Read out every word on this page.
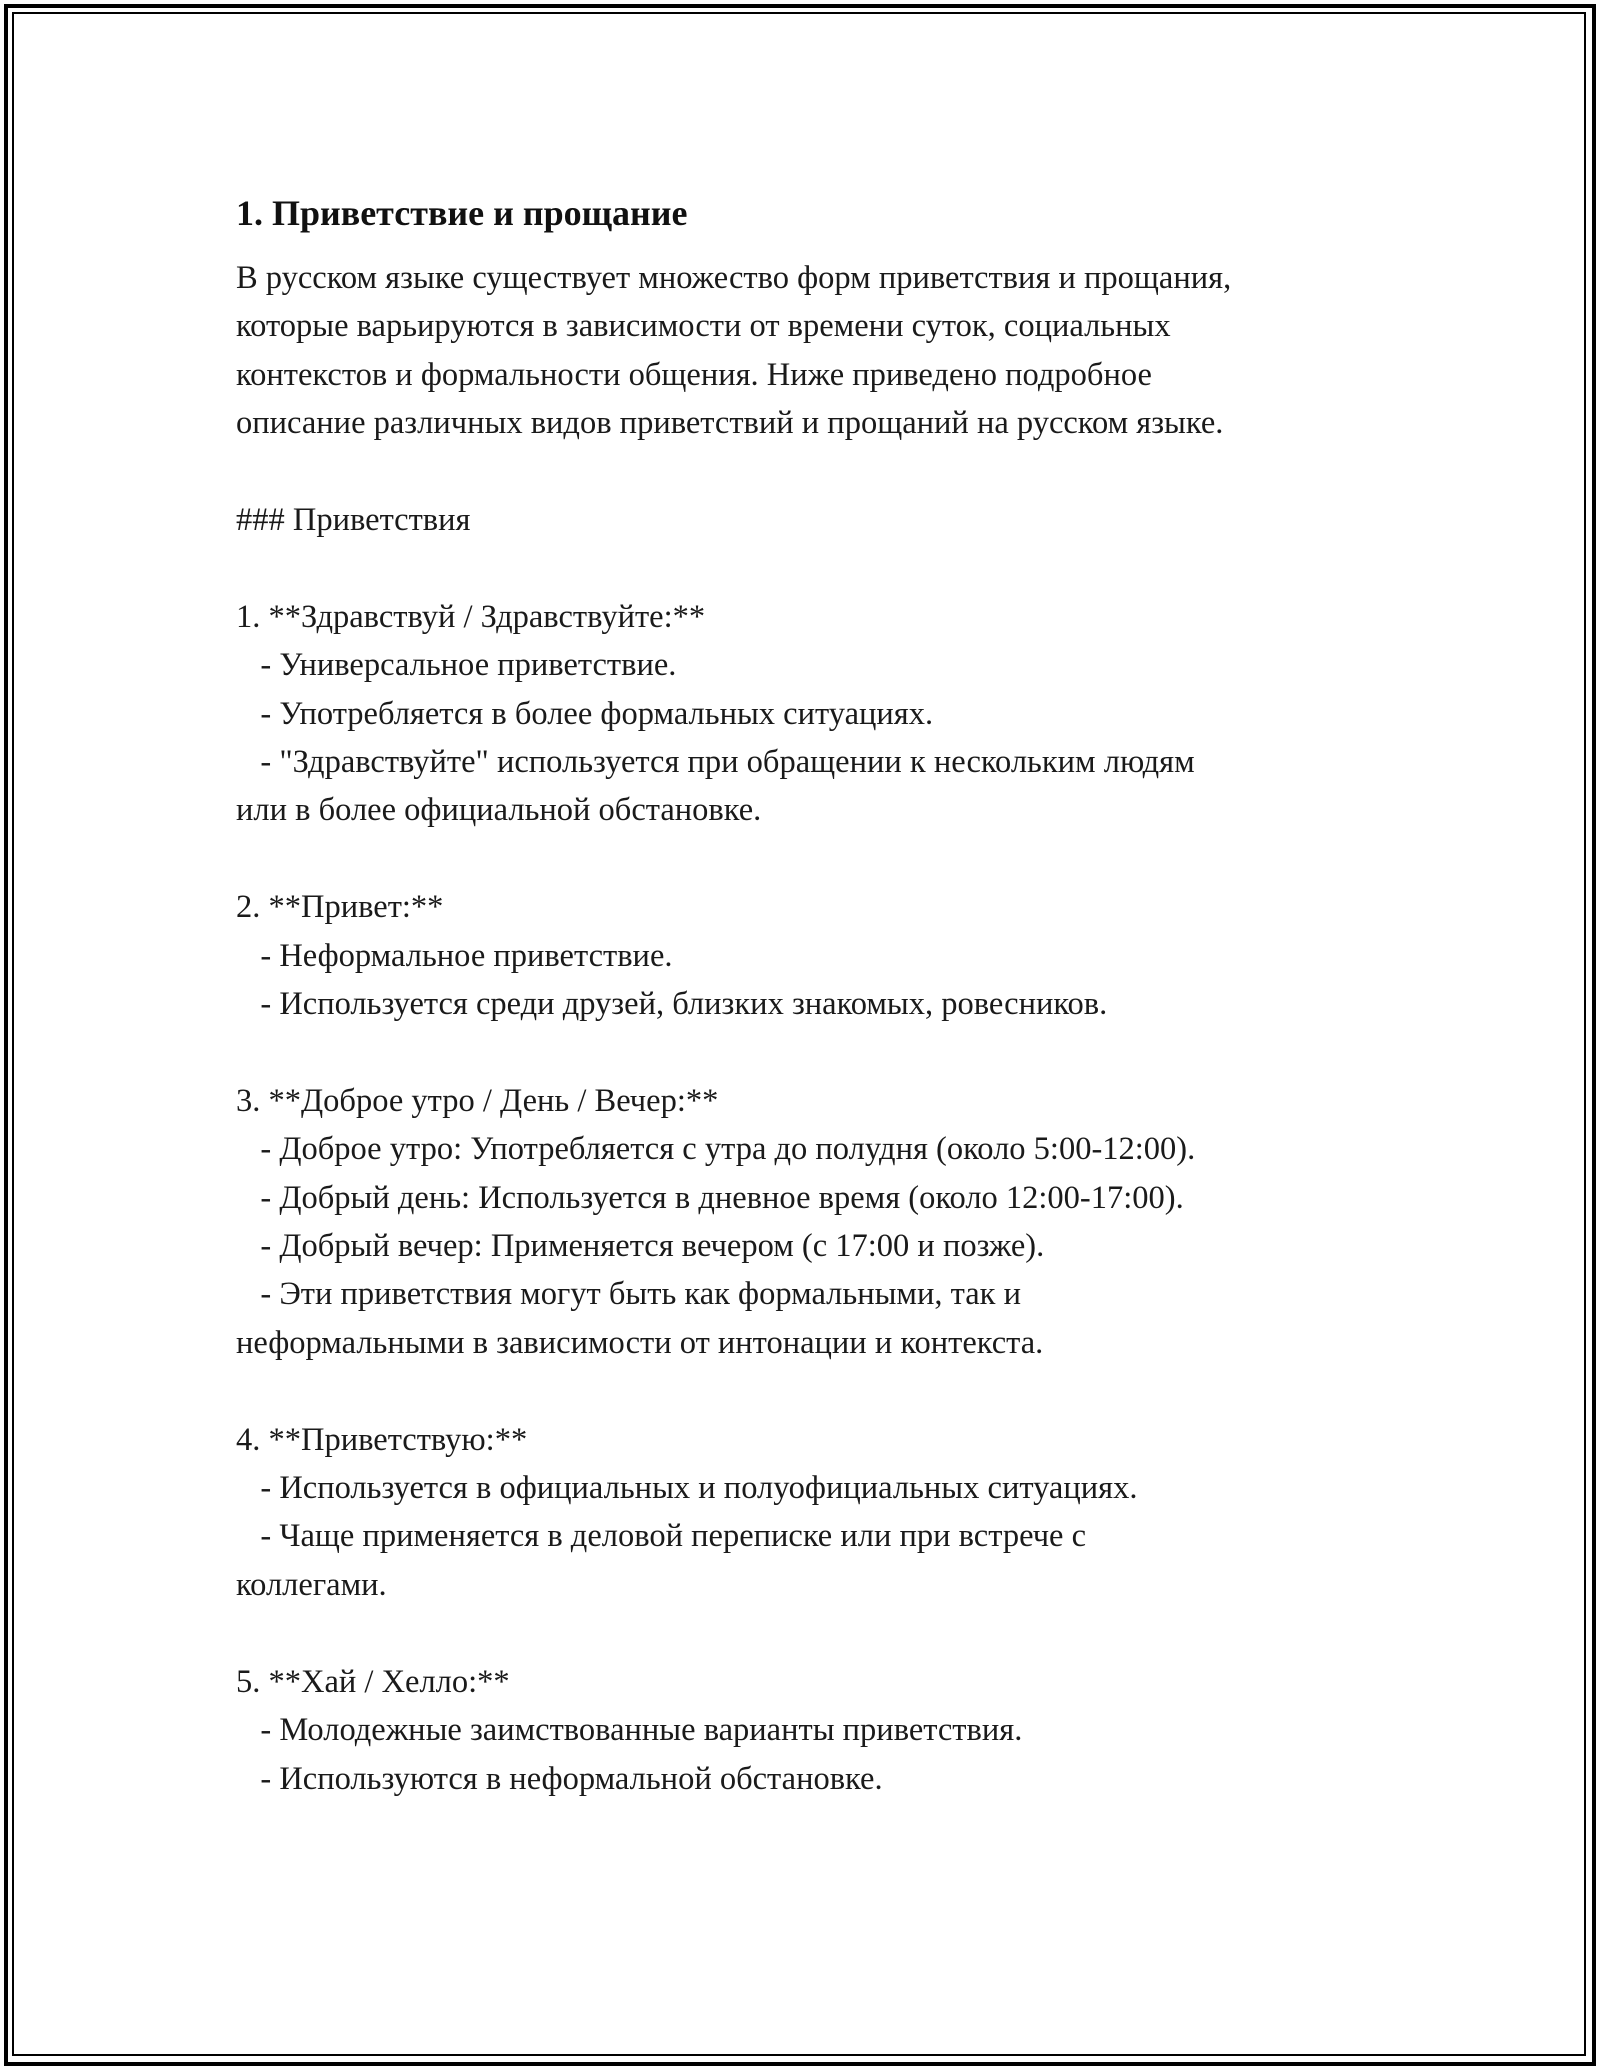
1. Приветствие и прощание

В русском языке существует множество форм приветствия и прощания,
которые варьируются в зависимости от времени суток, социальных
контекстов и формальности общения. Ниже приведено подробное
описание различных видов приветствий и прощаний на русском языке.

### Приветствия

1. **Здравствуй / Здравствуйте:**

- Универсальное приветствие.

- Употребляется в более формальных ситуациях.

- "Здравствуйте" используется при обращении к нескольким людям

или в более официальной обстановке.

2. **Привет:**

- Неформальное приветствие.

- Используется среди друзей, близких знакомых, ровесников.

3. **Доброе утро / День / Вечер:**

- Доброе утро: Употребляется с утра до полудня (около 5:00-12:00).

- Добрый день: Используется в дневное время (около 12:00-17:00).

- Добрый вечер: Применяется вечером (с 17:00 и позже).

- Эти приветствия могут быть как формальными, так и

неформальными в зависимости от интонации и контекста.

4. **Приветствую:**

- Используется в официальных и полуофициальных ситуациях.

- Чаще применяется в деловой переписке или при встрече с

коллегами.

5. **Хай / Хелло:**

- Молодежные заимствованные варианты приветствия.

- Используются в неформальной обстановке.
